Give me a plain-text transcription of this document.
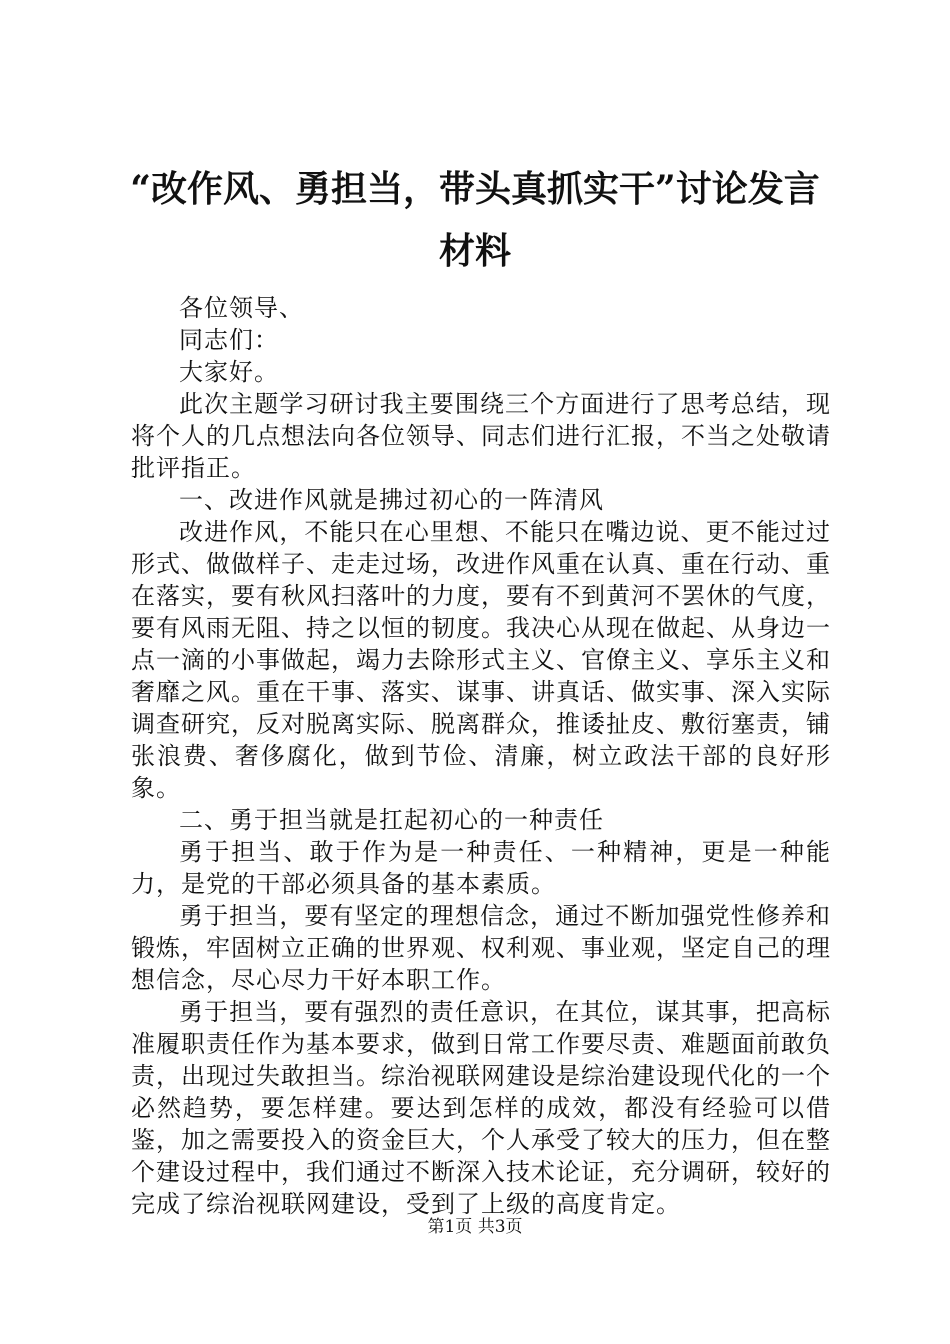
“改作风、勇担当，带头真抓实干”讨论发言材料

各位领导、

同志们：

大家好。

此次主题学习研讨我主要围绕三个方面进行了思考总结，现将个人的几点想法向各位领导、同志们进行汇报，不当之处敬请批评指正。

一、改进作风就是拂过初心的一阵清风

改进作风，不能只在心里想、不能只在嘴边说、更不能过过形式、做做样子、走走过场，改进作风重在认真、重在行动、重在落实，要有秋风扫落叶的力度，要有不到黄河不罢休的气度，要有风雨无阻、持之以恒的韧度。我决心从现在做起、从身边一点一滴的小事做起，竭力去除形式主义、官僚主义、享乐主义和奢靡之风。重在干事、落实、谋事、讲真话、做实事、深入实际调查研究，反对脱离实际、脱离群众，推诿扯皮、敷衍塞责，铺张浪费、奢侈腐化，做到节俭、清廉，树立政法干部的良好形象。

二、勇于担当就是扛起初心的一种责任

勇于担当、敢于作为是一种责任、一种精神，更是一种能力，是党的干部必须具备的基本素质。

勇于担当，要有坚定的理想信念，通过不断加强党性修养和锻炼，牢固树立正确的世界观、权利观、事业观，坚定自己的理想信念，尽心尽力干好本职工作。

勇于担当，要有强烈的责任意识，在其位，谋其事，把高标准履职责任作为基本要求，做到日常工作要尽责、难题面前敢负责，出现过失敢担当。综治视联网建设是综治建设现代化的一个必然趋势，要怎样建。要达到怎样的成效，都没有经验可以借鉴，加之需要投入的资金巨大，个人承受了较大的压力，但在整个建设过程中，我们通过不断深入技术论证，充分调研，较好的完成了综治视联网建设，受到了上级的高度肯定。

第1页 共3页
